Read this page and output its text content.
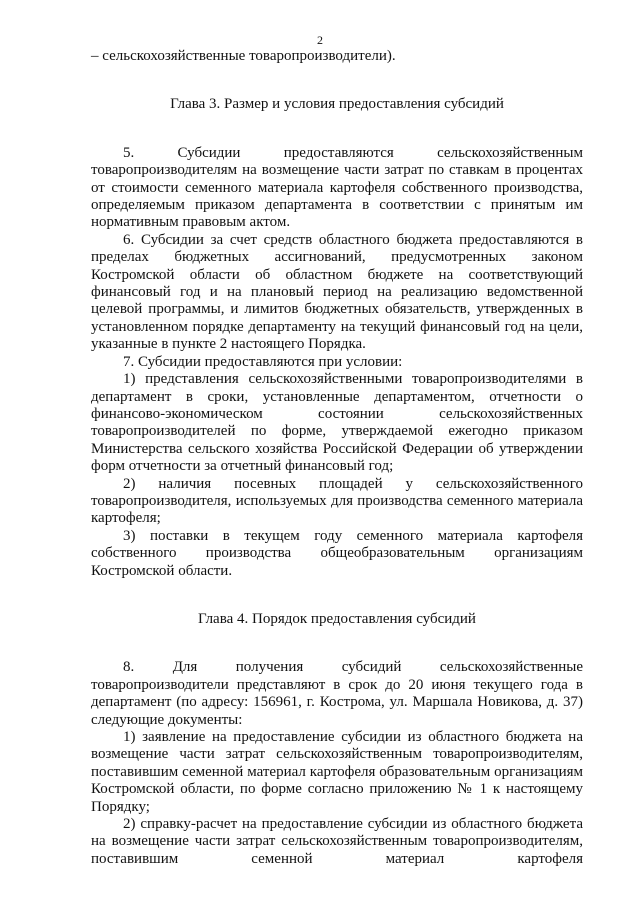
2

– сельскохозяйственные товаропроизводители).

Глава 3. Размер и условия предоставления субсидий

5. Субсидии предоставляются сельскохозяйственным товаропроизводителям на возмещение части затрат по ставкам в процентах от стоимости семенного материала картофеля собственного производства, определяемым приказом департамента в соответствии с принятым им нормативным правовым актом.

6. Субсидии за счет средств областного бюджета предоставляются в пределах бюджетных ассигнований, предусмотренных законом Костромской области об областном бюджете на соответствующий финансовый год и на плановый период на реализацию ведомственной целевой программы, и лимитов бюджетных обязательств, утвержденных в установленном порядке департаменту на текущий финансовый год на цели, указанные в пункте 2 настоящего Порядка.

7. Субсидии предоставляются при условии:

1) представления сельскохозяйственными товаропроизводителями в департамент в сроки, установленные департаментом, отчетности о финансово-экономическом состоянии сельскохозяйственных товаропроизводителей по форме, утверждаемой ежегодно приказом Министерства сельского хозяйства Российской Федерации об утверждении форм отчетности за отчетный финансовый год;

2) наличия посевных площадей у сельскохозяйственного товаропроизводителя, используемых для производства семенного материала картофеля;

3) поставки в текущем году семенного материала картофеля собственного производства общеобразовательным организациям Костромской области.

Глава 4. Порядок предоставления субсидий

8. Для получения субсидий сельскохозяйственные товаропроизводители представляют в срок до 20 июня текущего года в департамент (по адресу: 156961, г. Кострома, ул. Маршала Новикова, д. 37) следующие документы:

1) заявление на предоставление субсидии из областного бюджета на возмещение части затрат сельскохозяйственным товаропроизводителям, поставившим семенной материал картофеля образовательным организациям Костромской области, по форме согласно приложению № 1 к настоящему Порядку;

2) справку-расчет на предоставление субсидии из областного бюджета на возмещение части затрат сельскохозяйственным товаропроизводителям, поставившим семенной материал картофеля
